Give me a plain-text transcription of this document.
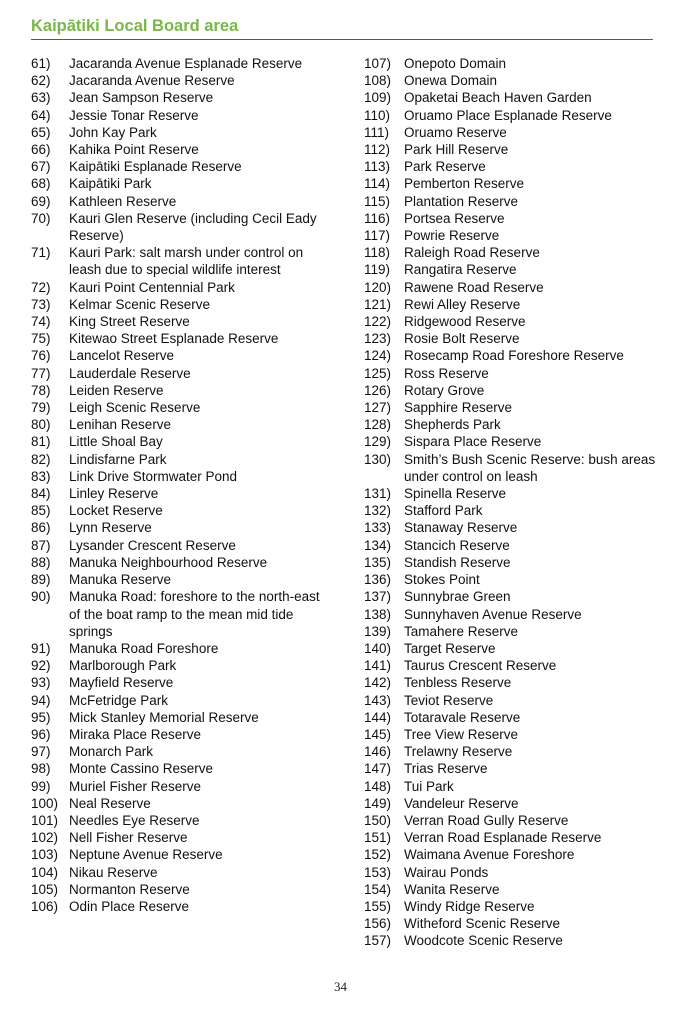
Kaipātiki Local Board area
61)	Jacaranda Avenue Esplanade Reserve
62)	Jacaranda Avenue Reserve
63)	Jean Sampson Reserve
64)	Jessie Tonar Reserve
65)	John Kay Park
66)	Kahika Point Reserve
67)	Kaipātiki Esplanade Reserve
68)	Kaipātiki Park
69)	Kathleen Reserve
70)	Kauri Glen Reserve (including Cecil Eady Reserve)
71)	Kauri Park: salt marsh under control on leash due to special wildlife interest
72)	Kauri Point Centennial Park
73)	Kelmar Scenic Reserve
74)	King Street Reserve
75)	Kitewao Street Esplanade Reserve
76)	Lancelot Reserve
77)	Lauderdale Reserve
78)	Leiden Reserve
79)	Leigh Scenic Reserve
80)	Lenihan Reserve
81)	Little Shoal Bay
82)	Lindisfarne Park
83)	Link Drive Stormwater Pond
84)	Linley Reserve
85)	Locket Reserve
86)	Lynn Reserve
87)	Lysander Crescent Reserve
88)	Manuka Neighbourhood Reserve
89)	Manuka Reserve
90)	Manuka Road: foreshore to the north-east of the boat ramp to the mean mid tide springs
91)	Manuka Road Foreshore
92)	Marlborough Park
93)	Mayfield Reserve
94)	McFetridge Park
95)	Mick Stanley Memorial Reserve
96)	Miraka Place Reserve
97)	Monarch Park
98)	Monte Cassino Reserve
99)	Muriel Fisher Reserve
100) Neal Reserve
101) Needles Eye Reserve
102) Nell Fisher Reserve
103) Neptune Avenue Reserve
104) Nikau Reserve
105) Normanton Reserve
106) Odin Place Reserve
107) Onepoto Domain
108) Onewa Domain
109) Opaketai Beach Haven Garden
110)	Oruamo Place Esplanade Reserve
111)	Oruamo Reserve
112)	Park Hill Reserve
113)	Park Reserve
114)	Pemberton Reserve
115)	Plantation Reserve
116)	Portsea Reserve
117)	Powrie Reserve
118)	Raleigh Road Reserve
119)	Rangatira Reserve
120) Rawene Road Reserve
121) Rewi Alley Reserve
122) Ridgewood Reserve
123) Rosie Bolt Reserve
124) Rosecamp Road Foreshore Reserve
125) Ross Reserve
126) Rotary Grove
127) Sapphire Reserve
128) Shepherds Park
129) Sispara Place Reserve
130) Smith’s Bush Scenic Reserve: bush areas under control on leash
131) Spinella Reserve
132) Stafford Park
133) Stanaway Reserve
134) Stancich Reserve
135) Standish Reserve
136) Stokes Point
137) Sunnybrae Green
138) Sunnyhaven Avenue Reserve
139) Tamahere Reserve
140) Target Reserve
141) Taurus Crescent Reserve
142) Tenbless Reserve
143) Teviot Reserve
144) Totaravale Reserve
145) Tree View Reserve
146) Trelawny Reserve
147) Trias Reserve
148) Tui Park
149) Vandeleur Reserve
150) Verran Road Gully Reserve
151) Verran Road Esplanade Reserve
152) Waimana Avenue Foreshore
153) Wairau Ponds
154) Wanita Reserve
155) Windy Ridge Reserve
156) Witheford Scenic Reserve
157) Woodcote Scenic Reserve
34
